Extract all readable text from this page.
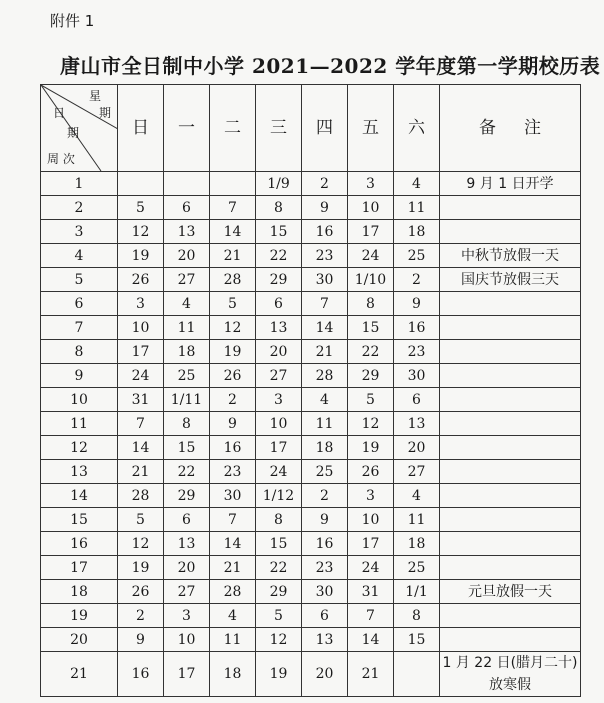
附件 1
唐山市全日制中小学 2021—2022 学年度第一学期校历表
星
期
日
期
周 次	日	一	二	三	四	五	六	备注
1				1/9	2	3	4	9 月 1 日开学
2	5	6	7	8	9	10	11	
3	12	13	14	15	16	17	18	
4	19	20	21	22	23	24	25	中秋节放假一天
5	26	27	28	29	30	1/10	2	国庆节放假三天
6	3	4	5	6	7	8	9	
7	10	11	12	13	14	15	16	
8	17	18	19	20	21	22	23	
9	24	25	26	27	28	29	30	
10	31	1/11	2	3	4	5	6	
11	7	8	9	10	11	12	13	
12	14	15	16	17	18	19	20	
13	21	22	23	24	25	26	27	
14	28	29	30	1/12	2	3	4	
15	5	6	7	8	9	10	11	
16	12	13	14	15	16	17	18	
17	19	20	21	22	23	24	25	
18	26	27	28	29	30	31	1/1	元旦放假一天
19	2	3	4	5	6	7	8	
20	9	10	11	12	13	14	15	
21	16	17	18	19	20	21		1 月 22 日(腊月二十)
放寒假
